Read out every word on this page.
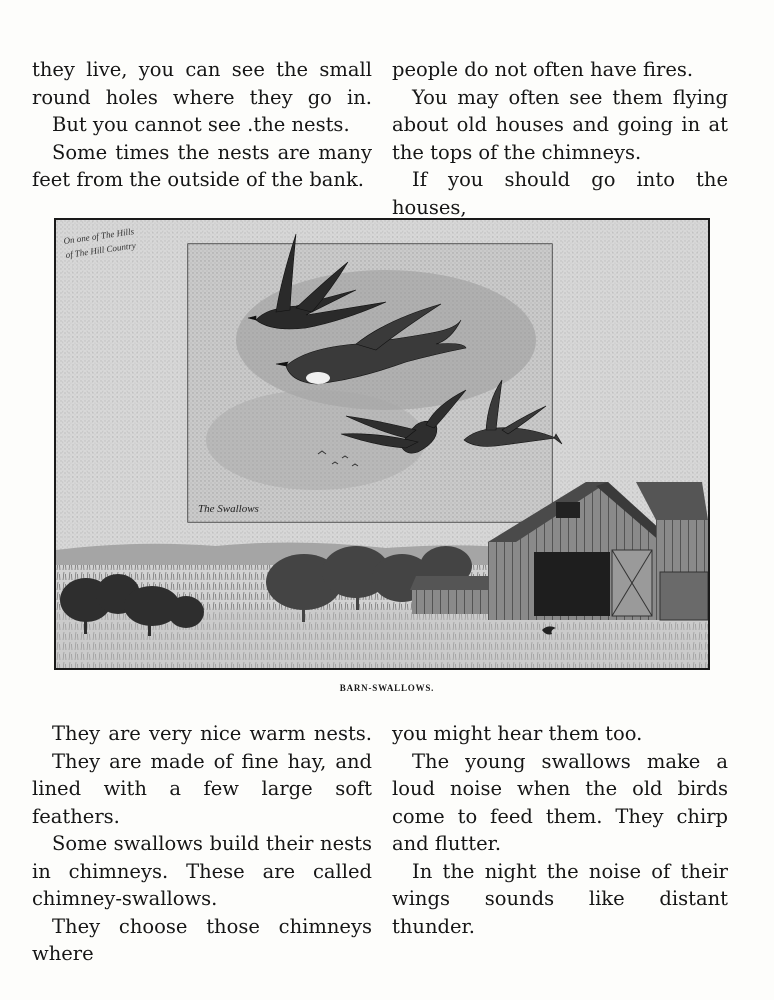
they live, you can see the small round holes where they go in.

But you cannot see .the nests.

Some times the nests are many feet from the outside of the bank.

people do not often have fires.

You may often see them flying about old houses and going in at the tops of the chimneys.

If you should go into the houses,

On one of The Hills
of The Hill Country
The Swallows
BARN-SWALLOWS.

They are very nice warm nests.

They are made of fine hay, and lined with a few large soft feathers.

Some swallows build their nests in chimneys. These are called chimney-swallows.

They choose those chimneys where

you might hear them too.

The young swallows make a loud noise when the old birds come to feed them. They chirp and flutter.

In the night the noise of their wings sounds like distant thunder.
